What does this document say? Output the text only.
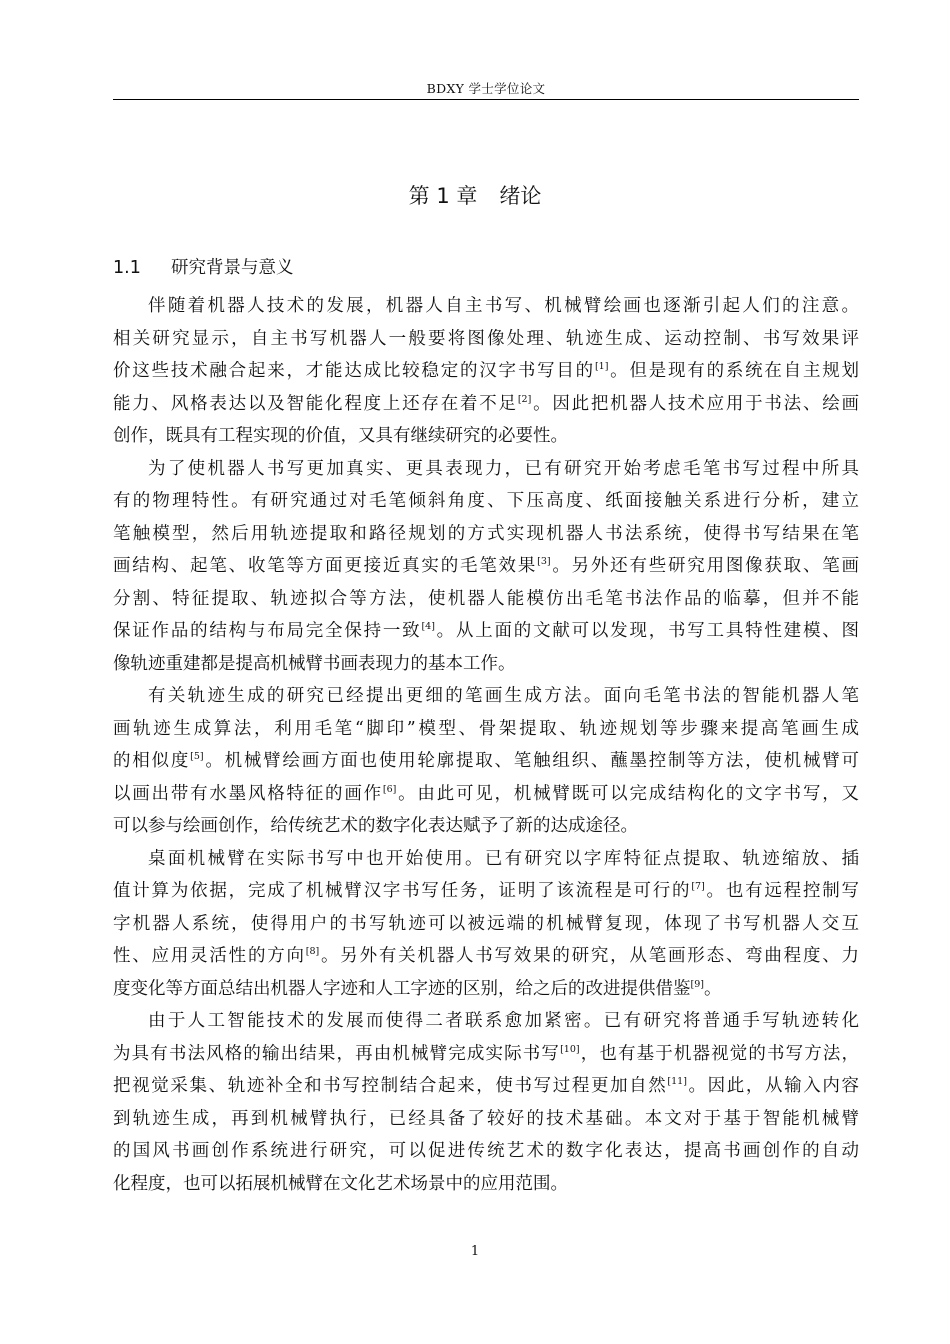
BDXY 学士学位论文
第 1 章 绪论
1.1 研究背景与意义
伴随着机器人技术的发展，机器人自主书写、机械臂绘画也逐渐引起人们的注意。
相关研究显示，自主书写机器人一般要将图像处理、轨迹生成、运动控制、书写效果评
价这些技术融合起来，才能达成比较稳定的汉字书写目的[1]。但是现有的系统在自主规划
能力、风格表达以及智能化程度上还存在着不足[2]。因此把机器人技术应用于书法、绘画
创作，既具有工程实现的价值，又具有继续研究的必要性。
为了使机器人书写更加真实、更具表现力，已有研究开始考虑毛笔书写过程中所具
有的物理特性。有研究通过对毛笔倾斜角度、下压高度、纸面接触关系进行分析，建立
笔触模型，然后用轨迹提取和路径规划的方式实现机器人书法系统，使得书写结果在笔
画结构、起笔、收笔等方面更接近真实的毛笔效果[3]。另外还有些研究用图像获取、笔画
分割、特征提取、轨迹拟合等方法，使机器人能模仿出毛笔书法作品的临摹，但并不能
保证作品的结构与布局完全保持一致[4]。从上面的文献可以发现，书写工具特性建模、图
像轨迹重建都是提高机械臂书画表现力的基本工作。
有关轨迹生成的研究已经提出更细的笔画生成方法。面向毛笔书法的智能机器人笔
画轨迹生成算法，利用毛笔“脚印”模型、骨架提取、轨迹规划等步骤来提高笔画生成
的相似度[5]。机械臂绘画方面也使用轮廓提取、笔触组织、蘸墨控制等方法，使机械臂可
以画出带有水墨风格特征的画作[6]。由此可见，机械臂既可以完成结构化的文字书写，又
可以参与绘画创作，给传统艺术的数字化表达赋予了新的达成途径。
桌面机械臂在实际书写中也开始使用。已有研究以字库特征点提取、轨迹缩放、插
值计算为依据，完成了机械臂汉字书写任务，证明了该流程是可行的[7]。也有远程控制写
字机器人系统，使得用户的书写轨迹可以被远端的机械臂复现，体现了书写机器人交互
性、应用灵活性的方向[8]。另外有关机器人书写效果的研究，从笔画形态、弯曲程度、力
度变化等方面总结出机器人字迹和人工字迹的区别，给之后的改进提供借鉴[9]。
由于人工智能技术的发展而使得二者联系愈加紧密。已有研究将普通手写轨迹转化
为具有书法风格的输出结果，再由机械臂完成实际书写[10]，也有基于机器视觉的书写方法，
把视觉采集、轨迹补全和书写控制结合起来，使书写过程更加自然[11]。因此，从输入内容
到轨迹生成，再到机械臂执行，已经具备了较好的技术基础。本文对于基于智能机械臂
的国风书画创作系统进行研究，可以促进传统艺术的数字化表达，提高书画创作的自动
化程度，也可以拓展机械臂在文化艺术场景中的应用范围。
1
